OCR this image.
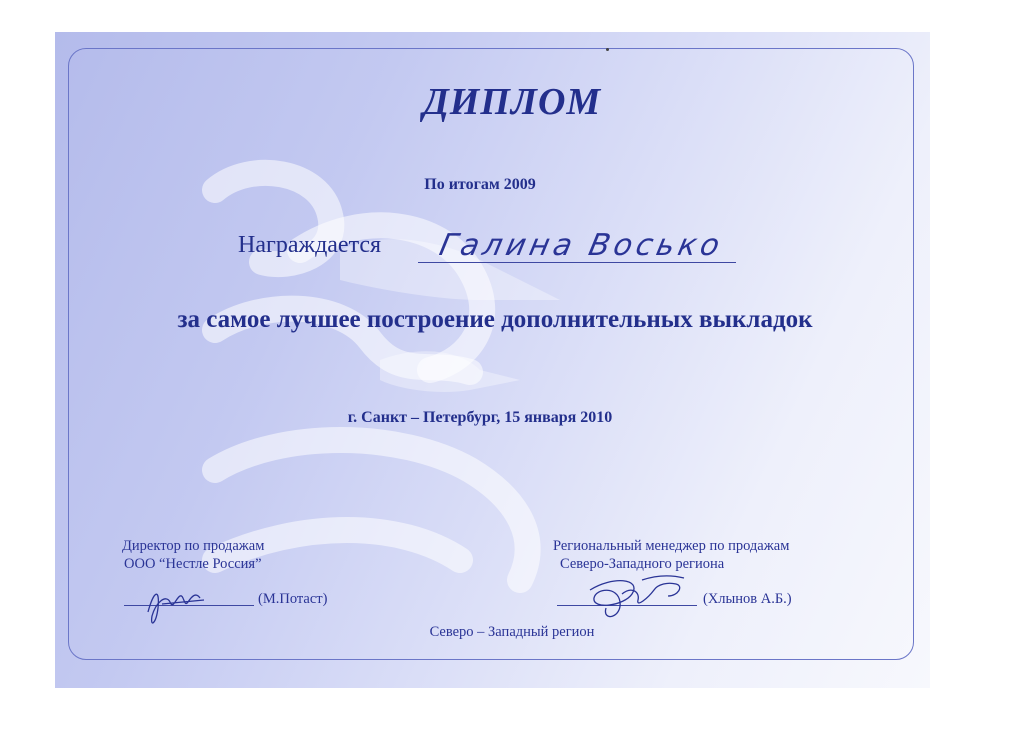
ДИПЛОМ
По итогам 2009
Награждается Галина Восько
за самое лучшее построение дополнительных выкладок
г. Санкт – Петербург, 15 января 2010
Директор по продажам
ООО “Нестле Россия”
(М.Потаст)
Региональный менеджер по продажам
Северо-Западного региона
(Хлынов А.Б.)
Северо – Западный регион
